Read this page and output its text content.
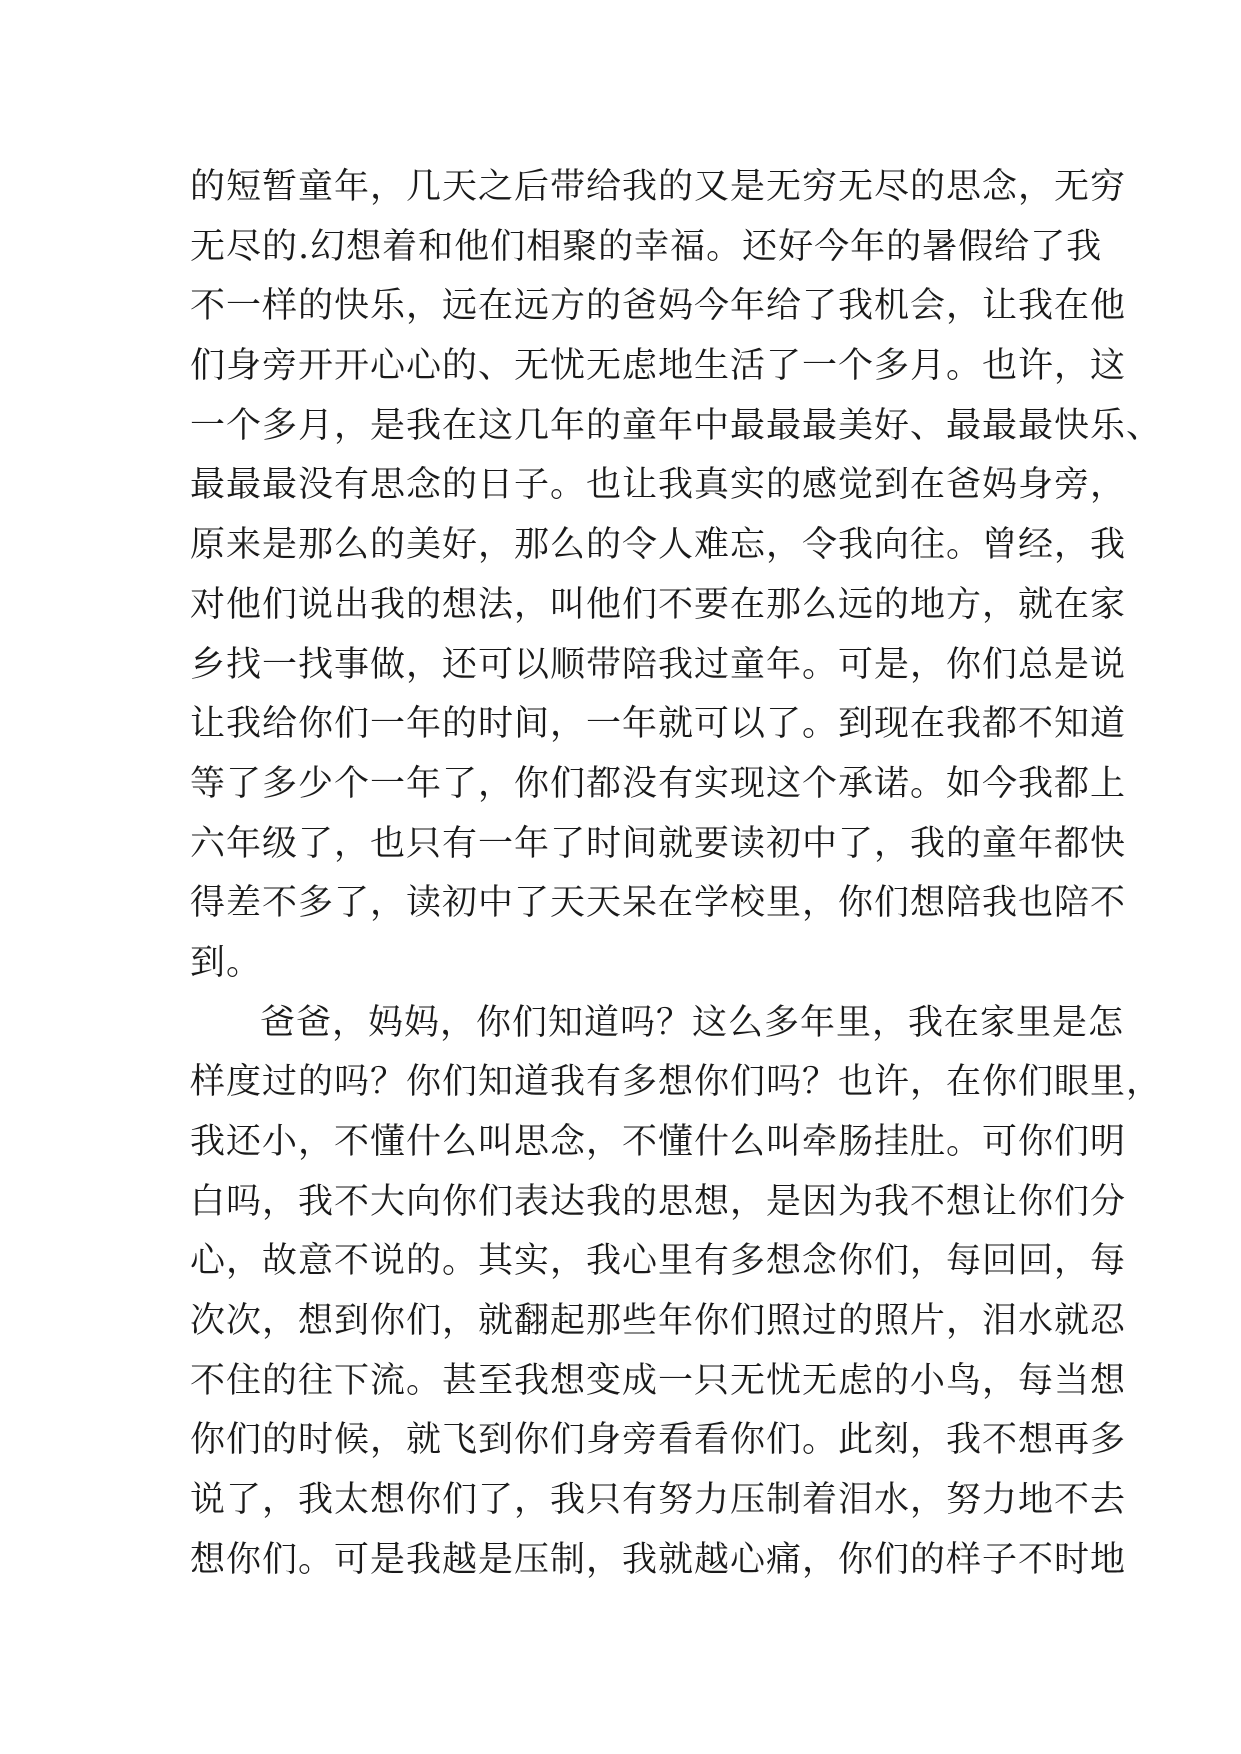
的短暂童年，几天之后带给我的又是无穷无尽的思念，无穷
无尽的.幻想着和他们相聚的幸福。还好今年的暑假给了我
不一样的快乐，远在远方的爸妈今年给了我机会，让我在他
们身旁开开心心的、无忧无虑地生活了一个多月。也许，这
一个多月，是我在这几年的童年中最最最美好、最最最快乐、
最最最没有思念的日子。也让我真实的感觉到在爸妈身旁，
原来是那么的美好，那么的令人难忘，令我向往。曾经，我
对他们说出我的想法，叫他们不要在那么远的地方，就在家
乡找一找事做，还可以顺带陪我过童年。可是，你们总是说
让我给你们一年的时间，一年就可以了。到现在我都不知道
等了多少个一年了，你们都没有实现这个承诺。如今我都上
六年级了，也只有一年了时间就要读初中了，我的童年都快
得差不多了，读初中了天天呆在学校里，你们想陪我也陪不
到。
爸爸，妈妈，你们知道吗？这么多年里，我在家里是怎
样度过的吗？你们知道我有多想你们吗？也许，在你们眼里，
我还小，不懂什么叫思念，不懂什么叫牵肠挂肚。可你们明
白吗，我不大向你们表达我的思想，是因为我不想让你们分
心，故意不说的。其实，我心里有多想念你们，每回回，每
次次，想到你们，就翻起那些年你们照过的照片，泪水就忍
不住的往下流。甚至我想变成一只无忧无虑的小鸟，每当想
你们的时候，就飞到你们身旁看看你们。此刻，我不想再多
说了，我太想你们了，我只有努力压制着泪水，努力地不去
想你们。可是我越是压制，我就越心痛，你们的样子不时地
